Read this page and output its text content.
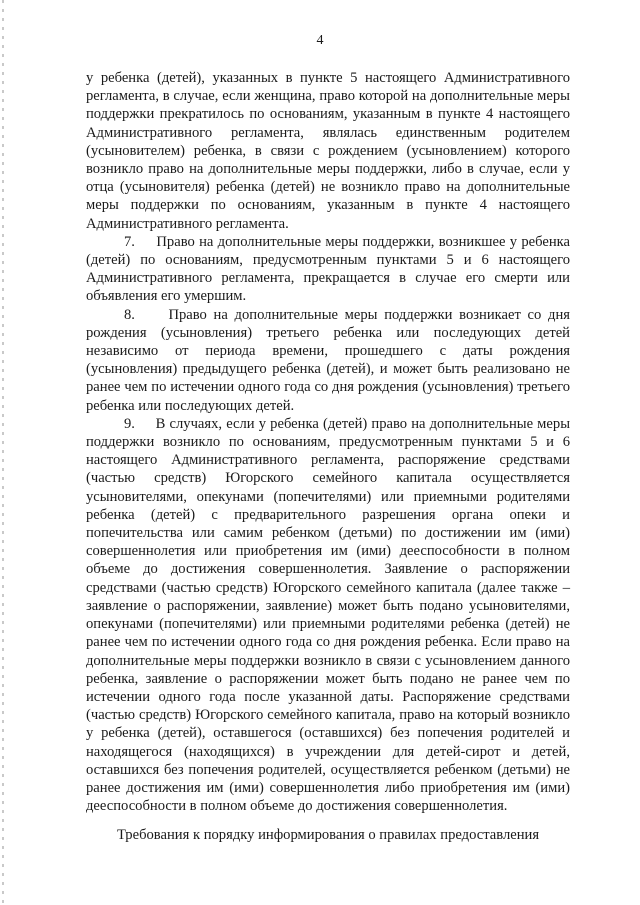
4

у ребенка (детей), указанных в пункте 5 настоящего Административного регламента, в случае, если женщина, право которой на дополнительные меры поддержки прекратилось по основаниям, указанным в пункте 4 настоящего Административного регламента, являлась единственным родителем (усыновителем) ребенка, в связи с рождением (усыновлением) которого возникло право на дополнительные меры поддержки, либо в случае, если у отца (усыновителя) ребенка (детей) не возникло право на дополнительные меры поддержки по основаниям, указанным в пункте 4 настоящего Административного регламента.

7.     Право на дополнительные меры поддержки, возникшее у ребенка (детей) по основаниям, предусмотренным пунктами 5 и 6 настоящего Административного регламента, прекращается в случае его смерти или объявления его умершим.

8.     Право на дополнительные меры поддержки возникает со дня рождения (усыновления) третьего ребенка или последующих детей независимо от периода времени, прошедшего с даты рождения (усыновления) предыдущего ребенка (детей), и может быть реализовано не ранее чем по истечении одного года со дня рождения (усыновления) третьего ребенка или последующих детей.

9.     В случаях, если у ребенка (детей) право на дополнительные меры поддержки возникло по основаниям, предусмотренным пунктами 5 и 6 настоящего Административного регламента, распоряжение средствами (частью средств) Югорского семейного капитала осуществляется усыновителями, опекунами (попечителями) или приемными родителями ребенка (детей) с предварительного разрешения органа опеки и попечительства или самим ребенком (детьми) по достижении им (ими) совершеннолетия или приобретения им (ими) дееспособности в полном объеме до достижения совершеннолетия. Заявление о распоряжении средствами (частью средств) Югорского семейного капитала (далее также – заявление о распоряжении, заявление) может быть подано усыновителями, опекунами (попечителями) или приемными родителями ребенка (детей) не ранее чем по истечении одного года со дня рождения ребенка. Если право на дополнительные меры поддержки возникло в связи с усыновлением данного ребенка, заявление о распоряжении может быть подано не ранее чем по истечении одного года после указанной даты. Распоряжение средствами (частью средств) Югорского семейного капитала, право на который возникло у ребенка (детей), оставшегося (оставшихся) без попечения родителей и находящегося (находящихся) в учреждении для детей-сирот и детей, оставшихся без попечения родителей, осуществляется ребенком (детьми) не ранее достижения им (ими) совершеннолетия либо приобретения им (ими) дееспособности в полном объеме до достижения совершеннолетия.

Требования к порядку информирования о правилах предоставления
